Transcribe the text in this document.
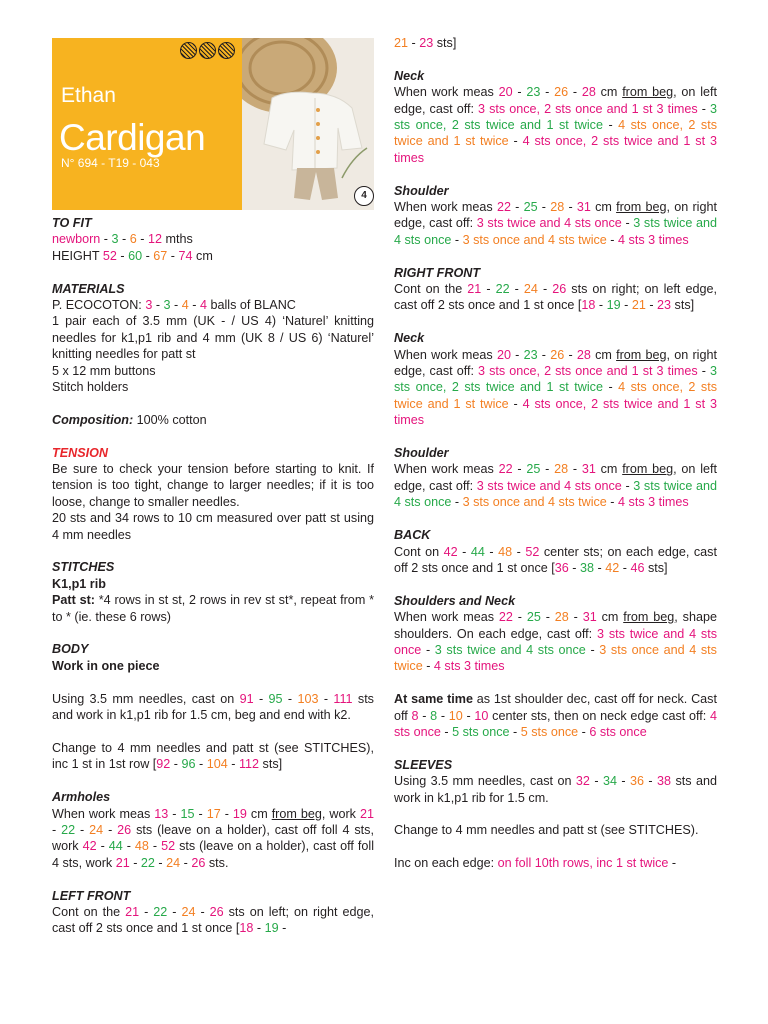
Ethan
Cardigan
N° 694 - T19 - 043
4

TO FIT

newborn - 3 - 6 - 12 mths

HEIGHT 52 - 60 - 67 - 74 cm

MATERIALS

P. ECOCOTON: 3 - 3 - 4 - 4 balls of BLANC

1 pair each of 3.5 mm (UK - / US 4) ‘Naturel’ knitting needles for k1,p1 rib and 4 mm (UK 8 / US 6) ‘Naturel’ knitting needles for patt st

5 x 12 mm buttons

Stitch holders

Composition: 100% cotton

TENSION

Be sure to check your tension before starting to knit. If tension is too tight, change to larger needles; if it is too loose, change to smaller needles.

20 sts and 34 rows to 10 cm measured over patt st using 4 mm needles

STITCHES

K1,p1 rib

Patt st: *4 rows in st st, 2 rows in rev st st*, repeat from * to * (ie. these 6 rows)

BODY

Work in one piece

Using 3.5 mm needles, cast on 91 - 95 - 103 - 111 sts and work in k1,p1 rib for 1.5 cm, beg and end with k2.

Change to 4 mm needles and patt st (see STITCHES), inc 1 st in 1st row [92 - 96 - 104 - 112 sts]

Armholes

When work meas 13 - 15 - 17 - 19 cm from beg, work 21 - 22 - 24 - 26 sts (leave on a holder), cast off foll 4 sts, work 42 - 44 - 48 - 52 sts (leave on a holder), cast off foll 4 sts, work 21 - 22 - 24 - 26 sts.

LEFT FRONT

Cont on the 21 - 22 - 24 - 26 sts on left; on right edge, cast off 2 sts once and 1 st once [18 - 19 -

21 - 23 sts]

Neck

When work meas 20 - 23 - 26 - 28 cm from beg, on left edge, cast off: 3 sts once, 2 sts once and 1 st 3 times - 3 sts once, 2 sts twice and 1 st twice - 4 sts once, 2 sts twice and 1 st twice - 4 sts once, 2 sts twice and 1 st 3 times

Shoulder

When work meas 22 - 25 - 28 - 31 cm from beg, on right edge, cast off: 3 sts twice and 4 sts once - 3 sts twice and 4 sts once - 3 sts once and 4 sts twice - 4 sts 3 times

RIGHT FRONT

Cont on the 21 - 22 - 24 - 26 sts on right; on left edge, cast off 2 sts once and 1 st once [18 - 19 - 21 - 23 sts]

Neck

When work meas 20 - 23 - 26 - 28 cm from beg, on right edge, cast off: 3 sts once, 2 sts once and 1 st 3 times - 3 sts once, 2 sts twice and 1 st twice - 4 sts once, 2 sts twice and 1 st twice - 4 sts once, 2 sts twice and 1 st 3 times

Shoulder

When work meas 22 - 25 - 28 - 31 cm from beg, on left edge, cast off: 3 sts twice and 4 sts once - 3 sts twice and 4 sts once - 3 sts once and 4 sts twice - 4 sts 3 times

BACK

Cont on 42 - 44 - 48 - 52 center sts; on each edge, cast off 2 sts once and 1 st once [36 - 38 - 42 - 46 sts]

Shoulders and Neck

When work meas 22 - 25 - 28 - 31 cm from beg, shape shoulders. On each edge, cast off: 3 sts twice and 4 sts once - 3 sts twice and 4 sts once - 3 sts once and 4 sts twice - 4 sts 3 times

At same time as 1st shoulder dec, cast off for neck. Cast off 8 - 8 - 10 - 10 center sts, then on neck edge cast off: 4 sts once - 5 sts once - 5 sts once - 6 sts once

SLEEVES

Using 3.5 mm needles, cast on 32 - 34 - 36 - 38 sts and work in k1,p1 rib for 1.5 cm.

Change to 4 mm needles and patt st (see STITCHES).

Inc on each edge: on foll 10th rows, inc 1 st twice -
